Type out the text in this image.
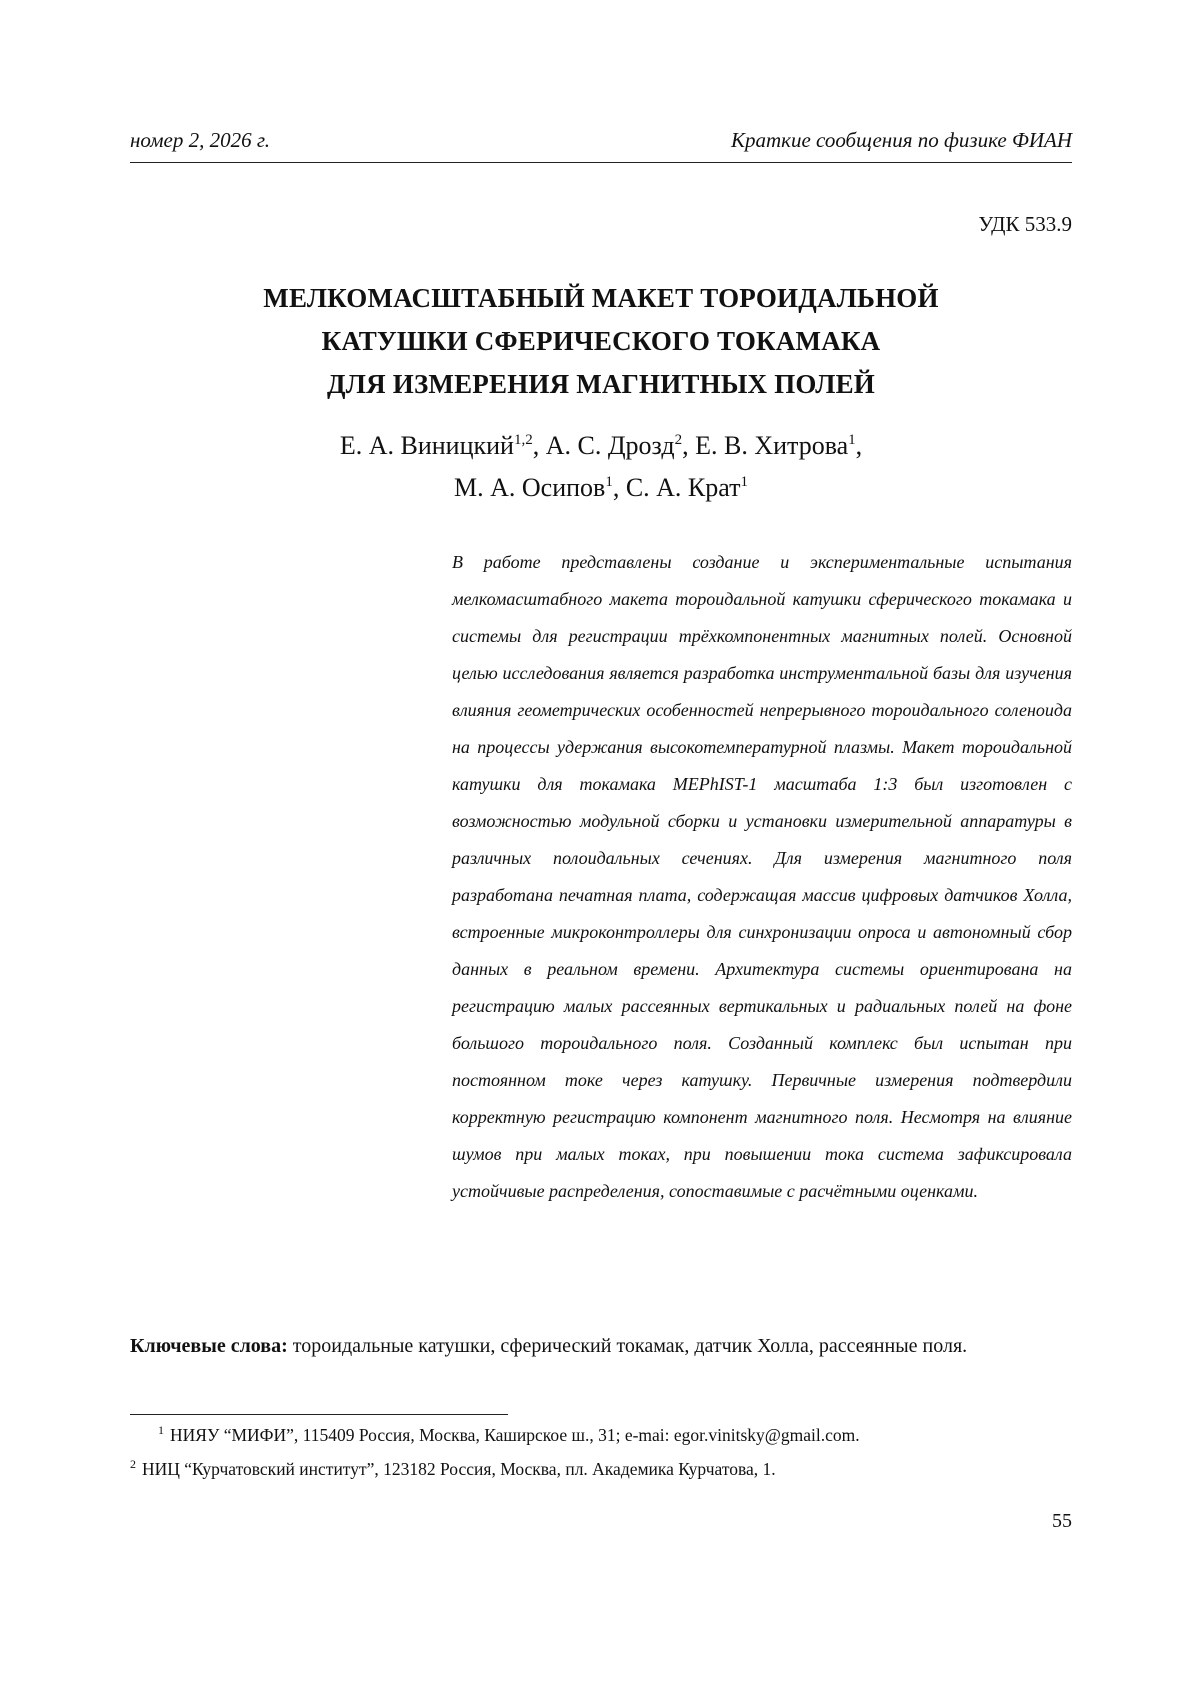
номер 2, 2026 г.	Краткие сообщения по физике ФИАН
УДК 533.9
МЕЛКОМАСШТАБНЫЙ МАКЕТ ТОРОИДАЛЬНОЙ
КАТУШКИ СФЕРИЧЕСКОГО ТОКАМАКА
ДЛЯ ИЗМЕРЕНИЯ МАГНИТНЫХ ПОЛЕЙ
Е. А. Виницкий$^{1,2}$, А. С. Дрозд$^2$, Е. В. Хитрова$^1$,
М. А. Осипов$^1$, С. А. Крат$^1$
В работе представлены создание и экспериментальные испытания мелкомасштабного макета тороидальной катушки сферического токамака и системы для регистрации трёхкомпонентных магнитных полей. Основной целью исследования является разработка инструментальной базы для изучения влияния геометрических особенностей непрерывного тороидального соленоида на процессы удержания высокотемпературной плазмы. Макет тороидальной катушки для токамака MEPhIST-1 масштаба 1:3 был изготовлен с возможностью модульной сборки и установки измерительной аппаратуры в различных полоидальных сечениях. Для измерения магнитного поля разработана печатная плата, содержащая массив цифровых датчиков Холла, встроенные микроконтроллеры для синхронизации опроса и автономный сбор данных в реальном времени. Архитектура системы ориентирована на регистрацию малых рассеянных вертикальных и радиальных полей на фоне большого тороидального поля. Созданный комплекс был испытан при постоянном токе через катушку. Первичные измерения подтвердили корректную регистрацию компонент магнитного поля. Несмотря на влияние шумов при малых токах, при повышении тока система зафиксировала устойчивые распределения, сопоставимые с расчётными оценками.
Ключевые слова: тороидальные катушки, сферический токамак, датчик Холла, рассеянные поля.
$^1$ НИЯУ “МИФИ”, 115409 Россия, Москва, Каширское ш., 31; e-mai: egor.vinitsky@gmail.com.
$^2$ НИЦ “Курчатовский институт”, 123182 Россия, Москва, пл. Академика Курчатова, 1.
55
